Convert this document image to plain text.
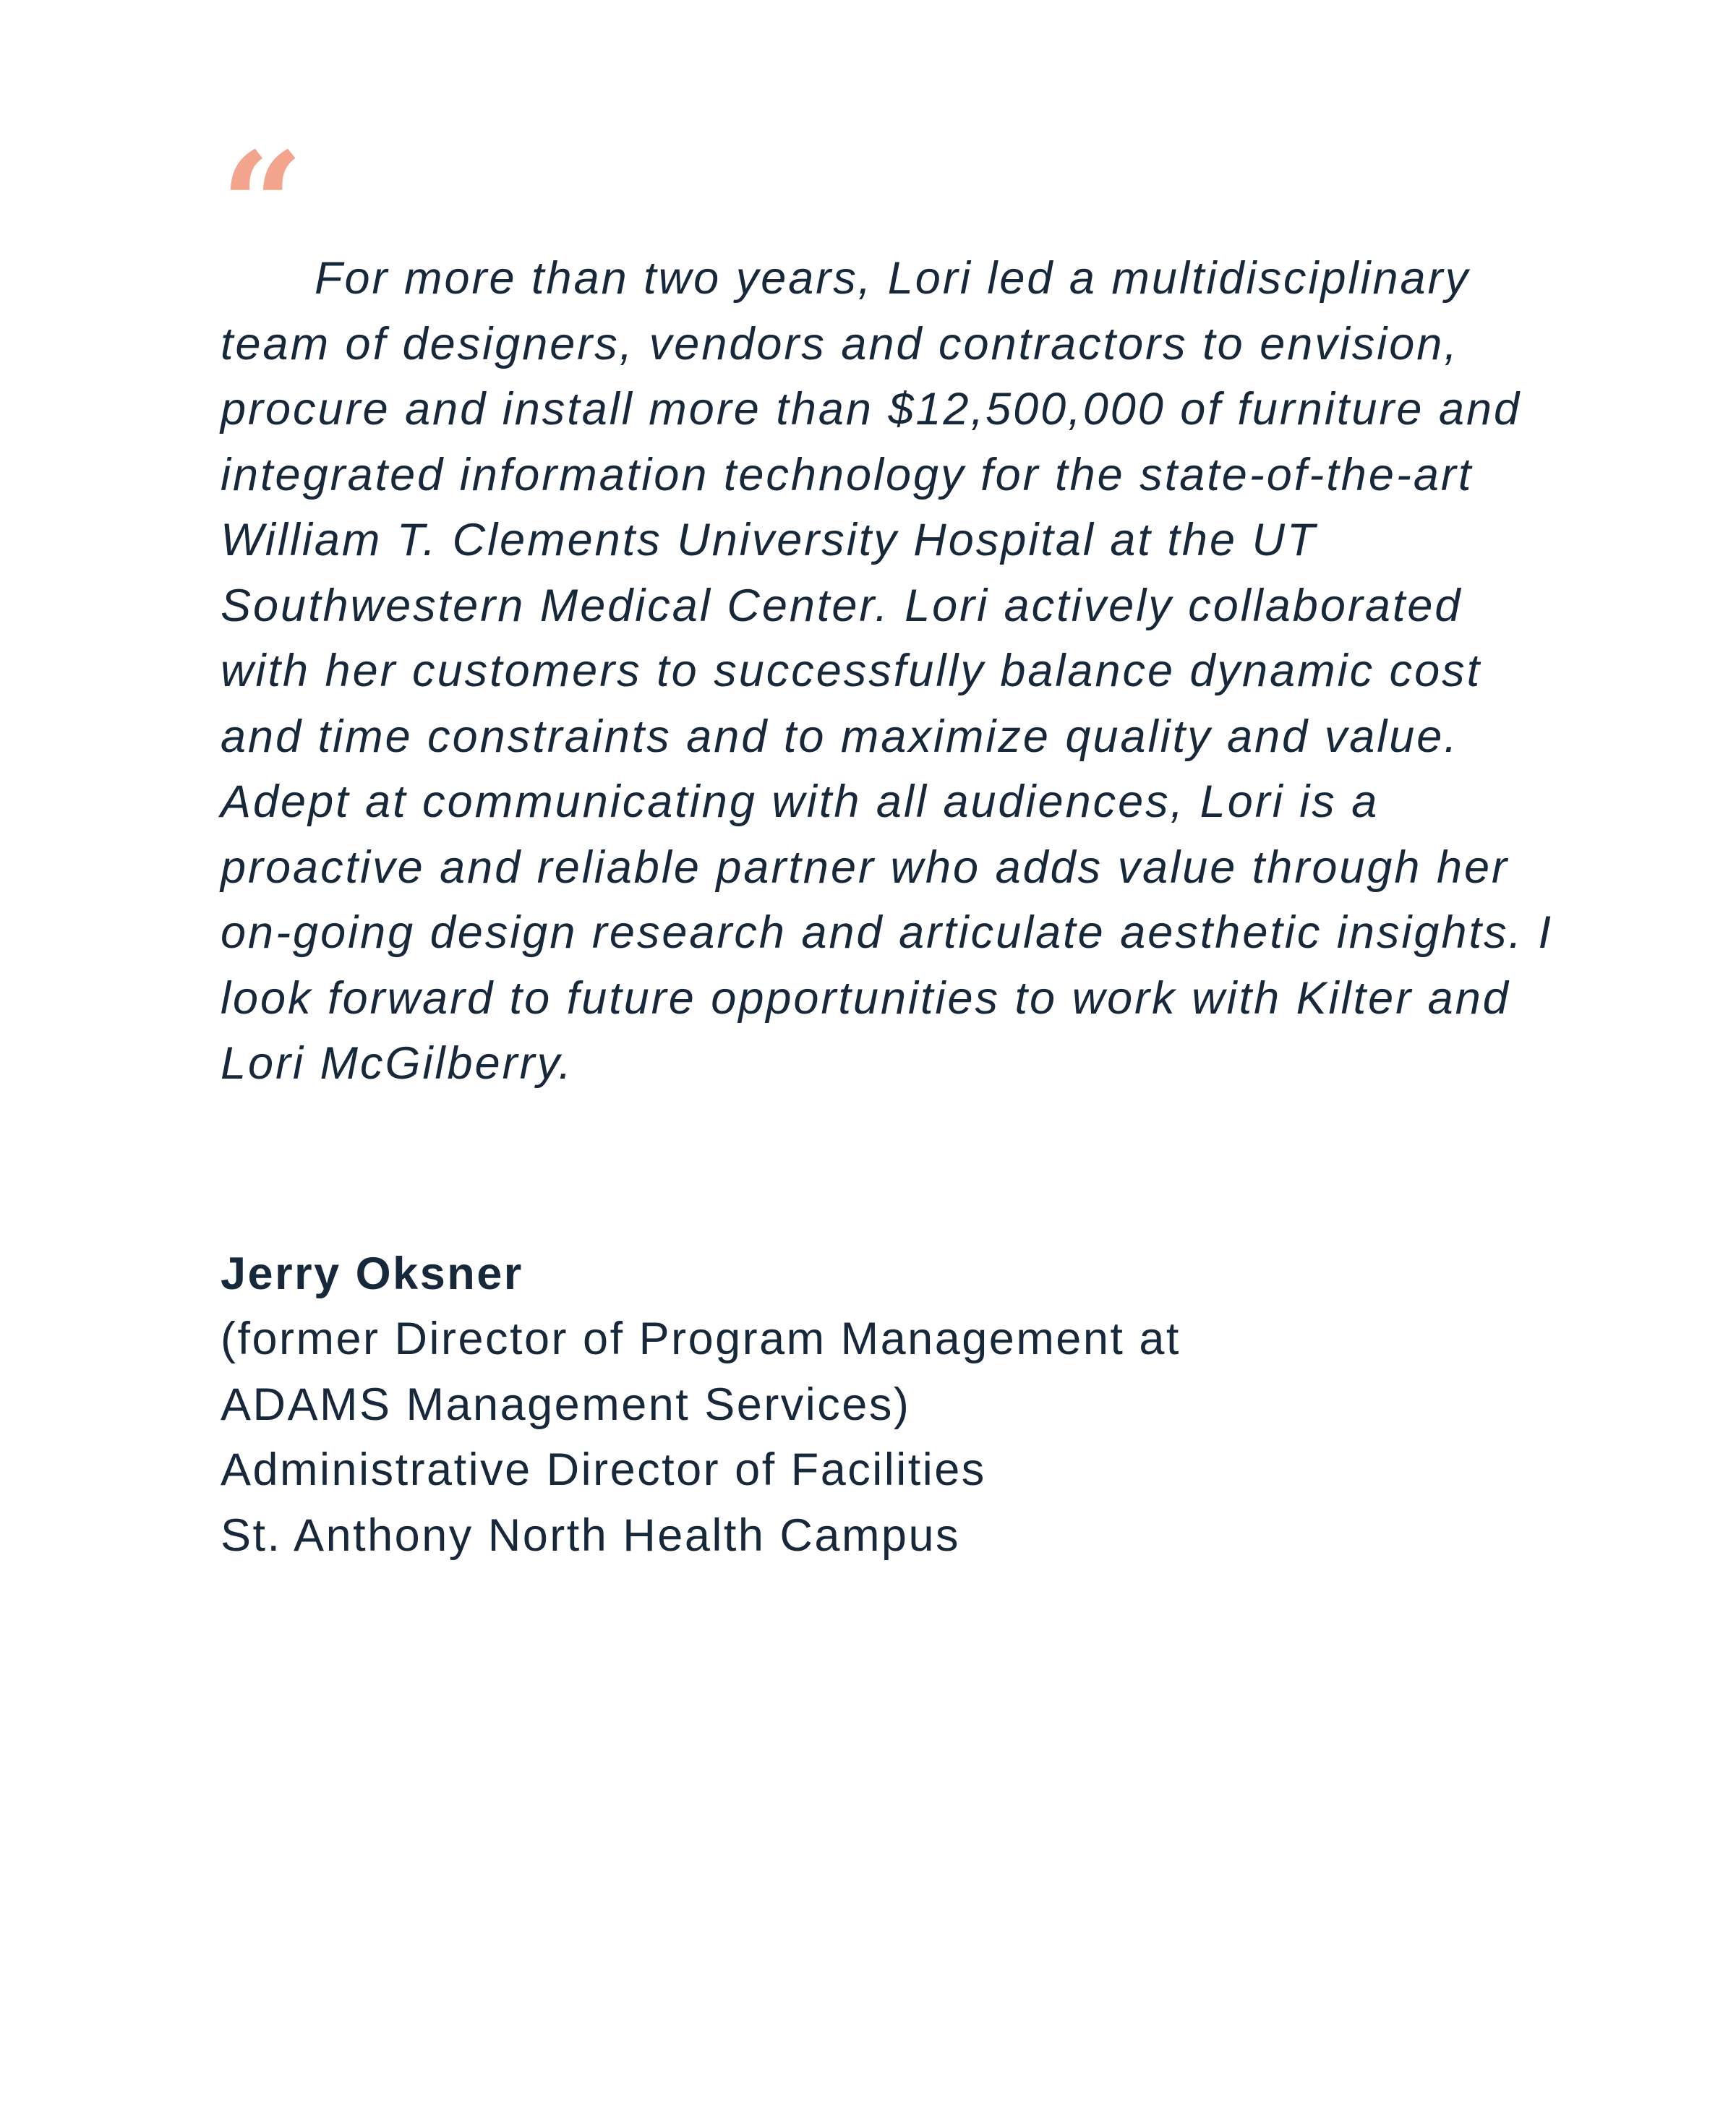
“ For more than two years, Lori led a multidisciplinary team of designers, vendors and contractors to envision, procure and install more than $12,500,000 of furniture and integrated information technology for the state-of-the-art William T. Clements University Hospital at the UT Southwestern Medical Center. Lori actively collaborated with her customers to successfully balance dynamic cost and time constraints and to maximize quality and value. Adept at communicating with all audiences, Lori is a proactive and reliable partner who adds value through her on-going design research and articulate aesthetic insights. I look forward to future opportunities to work with Kilter and Lori McGilberry.

Jerry Oksner
(former Director of Program Management at
ADAMS Management Services)
Administrative Director of Facilities
St. Anthony North Health Campus
